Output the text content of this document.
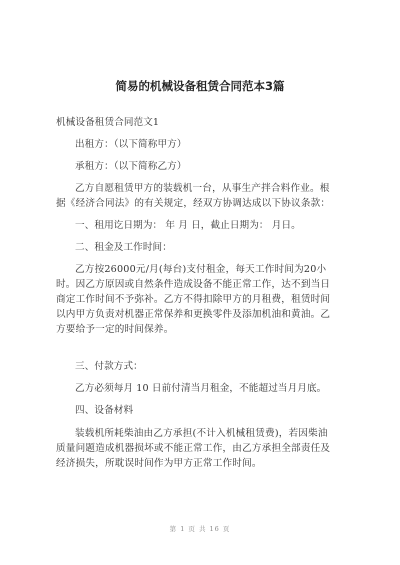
简易的机械设备租赁合同范本3篇
机械设备租赁合同范文1
出租方：（以下简称甲方）
承租方：（以下简称乙方）
乙方自愿租赁甲方的装载机一台，从事生产拌合料作业。根
据《经济合同法》的有关规定，经双方协调达成以下协议条款：
一、租用讫日期为： 年 月 日，截止日期为： 月日。
二、租金及工作时间：
乙方按26000元/月(每台)支付租金，每天工作时间为20小
时。因乙方原因或自然条件造成设备不能正常工作，达不到当日
商定工作时间不予弥补。乙方不得扣除甲方的月租费，租赁时间
以内甲方负责对机器正常保养和更换零件及添加机油和黄油。乙
方要给予一定的时间保养。
三、付款方式：
乙方必须每月 10 日前付清当月租金，不能超过当月月底。
四、设备材料
装载机所耗柴油由乙方承担(不计入机械租赁费)，若因柴油
质量问题造成机器损坏或不能正常工作，由乙方承担全部责任及
经济损失，所耽误时间作为甲方正常工作时间。
第 1 页 共 16 页
